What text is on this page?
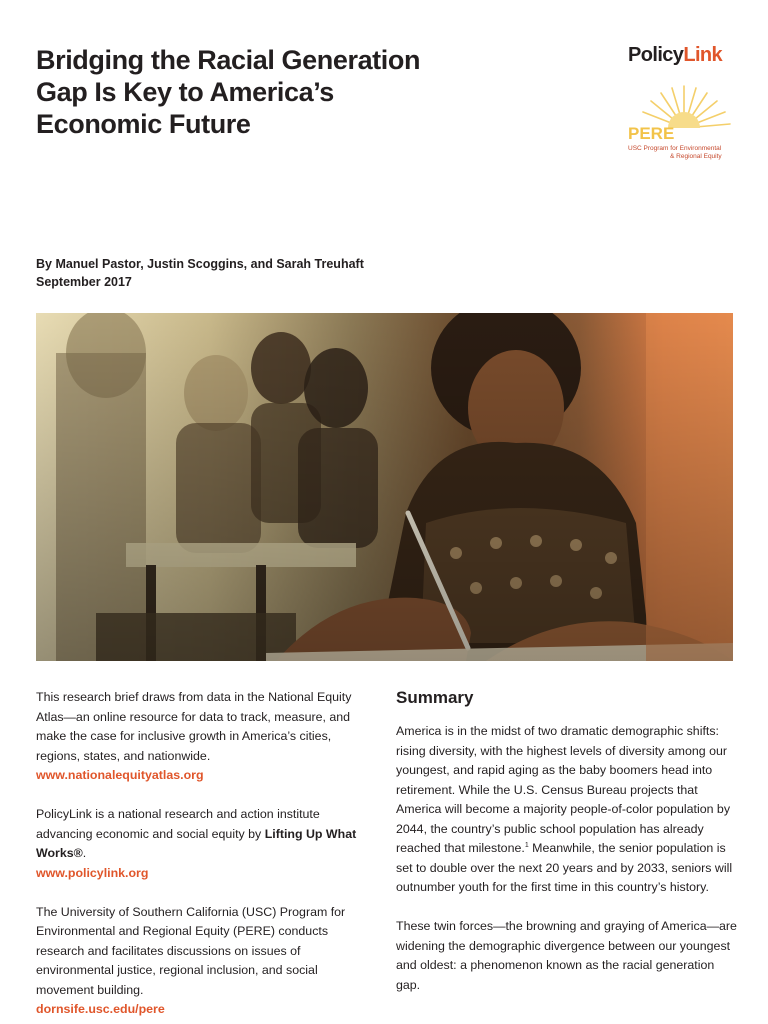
Bridging the Racial Generation
Gap Is Key to America’s
Economic Future
PolicyLink
PERE
USC Program for Environmental
& Regional Equity
By Manuel Pastor, Justin Scoggins, and Sarah Treuhaft
September 2017

This research brief draws from data in the National Equity Atlas—an online resource for data to track, measure, and make the case for inclusive growth in America’s cities, regions, states, and nationwide.
www.nationalequityatlas.org

PolicyLink is a national research and action institute advancing economic and social equity by Lifting Up What Works®.
www.policylink.org

The University of Southern California (USC) Program for Environmental and Regional Equity (PERE) conducts research and facilitates discussions on issues of environmental justice, regional inclusion, and social movement building.
dornsife.usc.edu/pere

Summary

America is in the midst of two dramatic demographic shifts: rising diversity, with the highest levels of diversity among our youngest, and rapid aging as the baby boomers head into retirement. While the U.S. Census Bureau projects that America will become a majority people-of-color population by 2044, the country’s public school population has already reached that milestone.$^1$ Meanwhile, the senior population is set to double over the next 20 years and by 2033, seniors will outnumber youth for the first time in this country’s history.

These twin forces—the browning and graying of America—are widening the demographic divergence between our youngest and oldest: a phenomenon known as the racial generation gap.
